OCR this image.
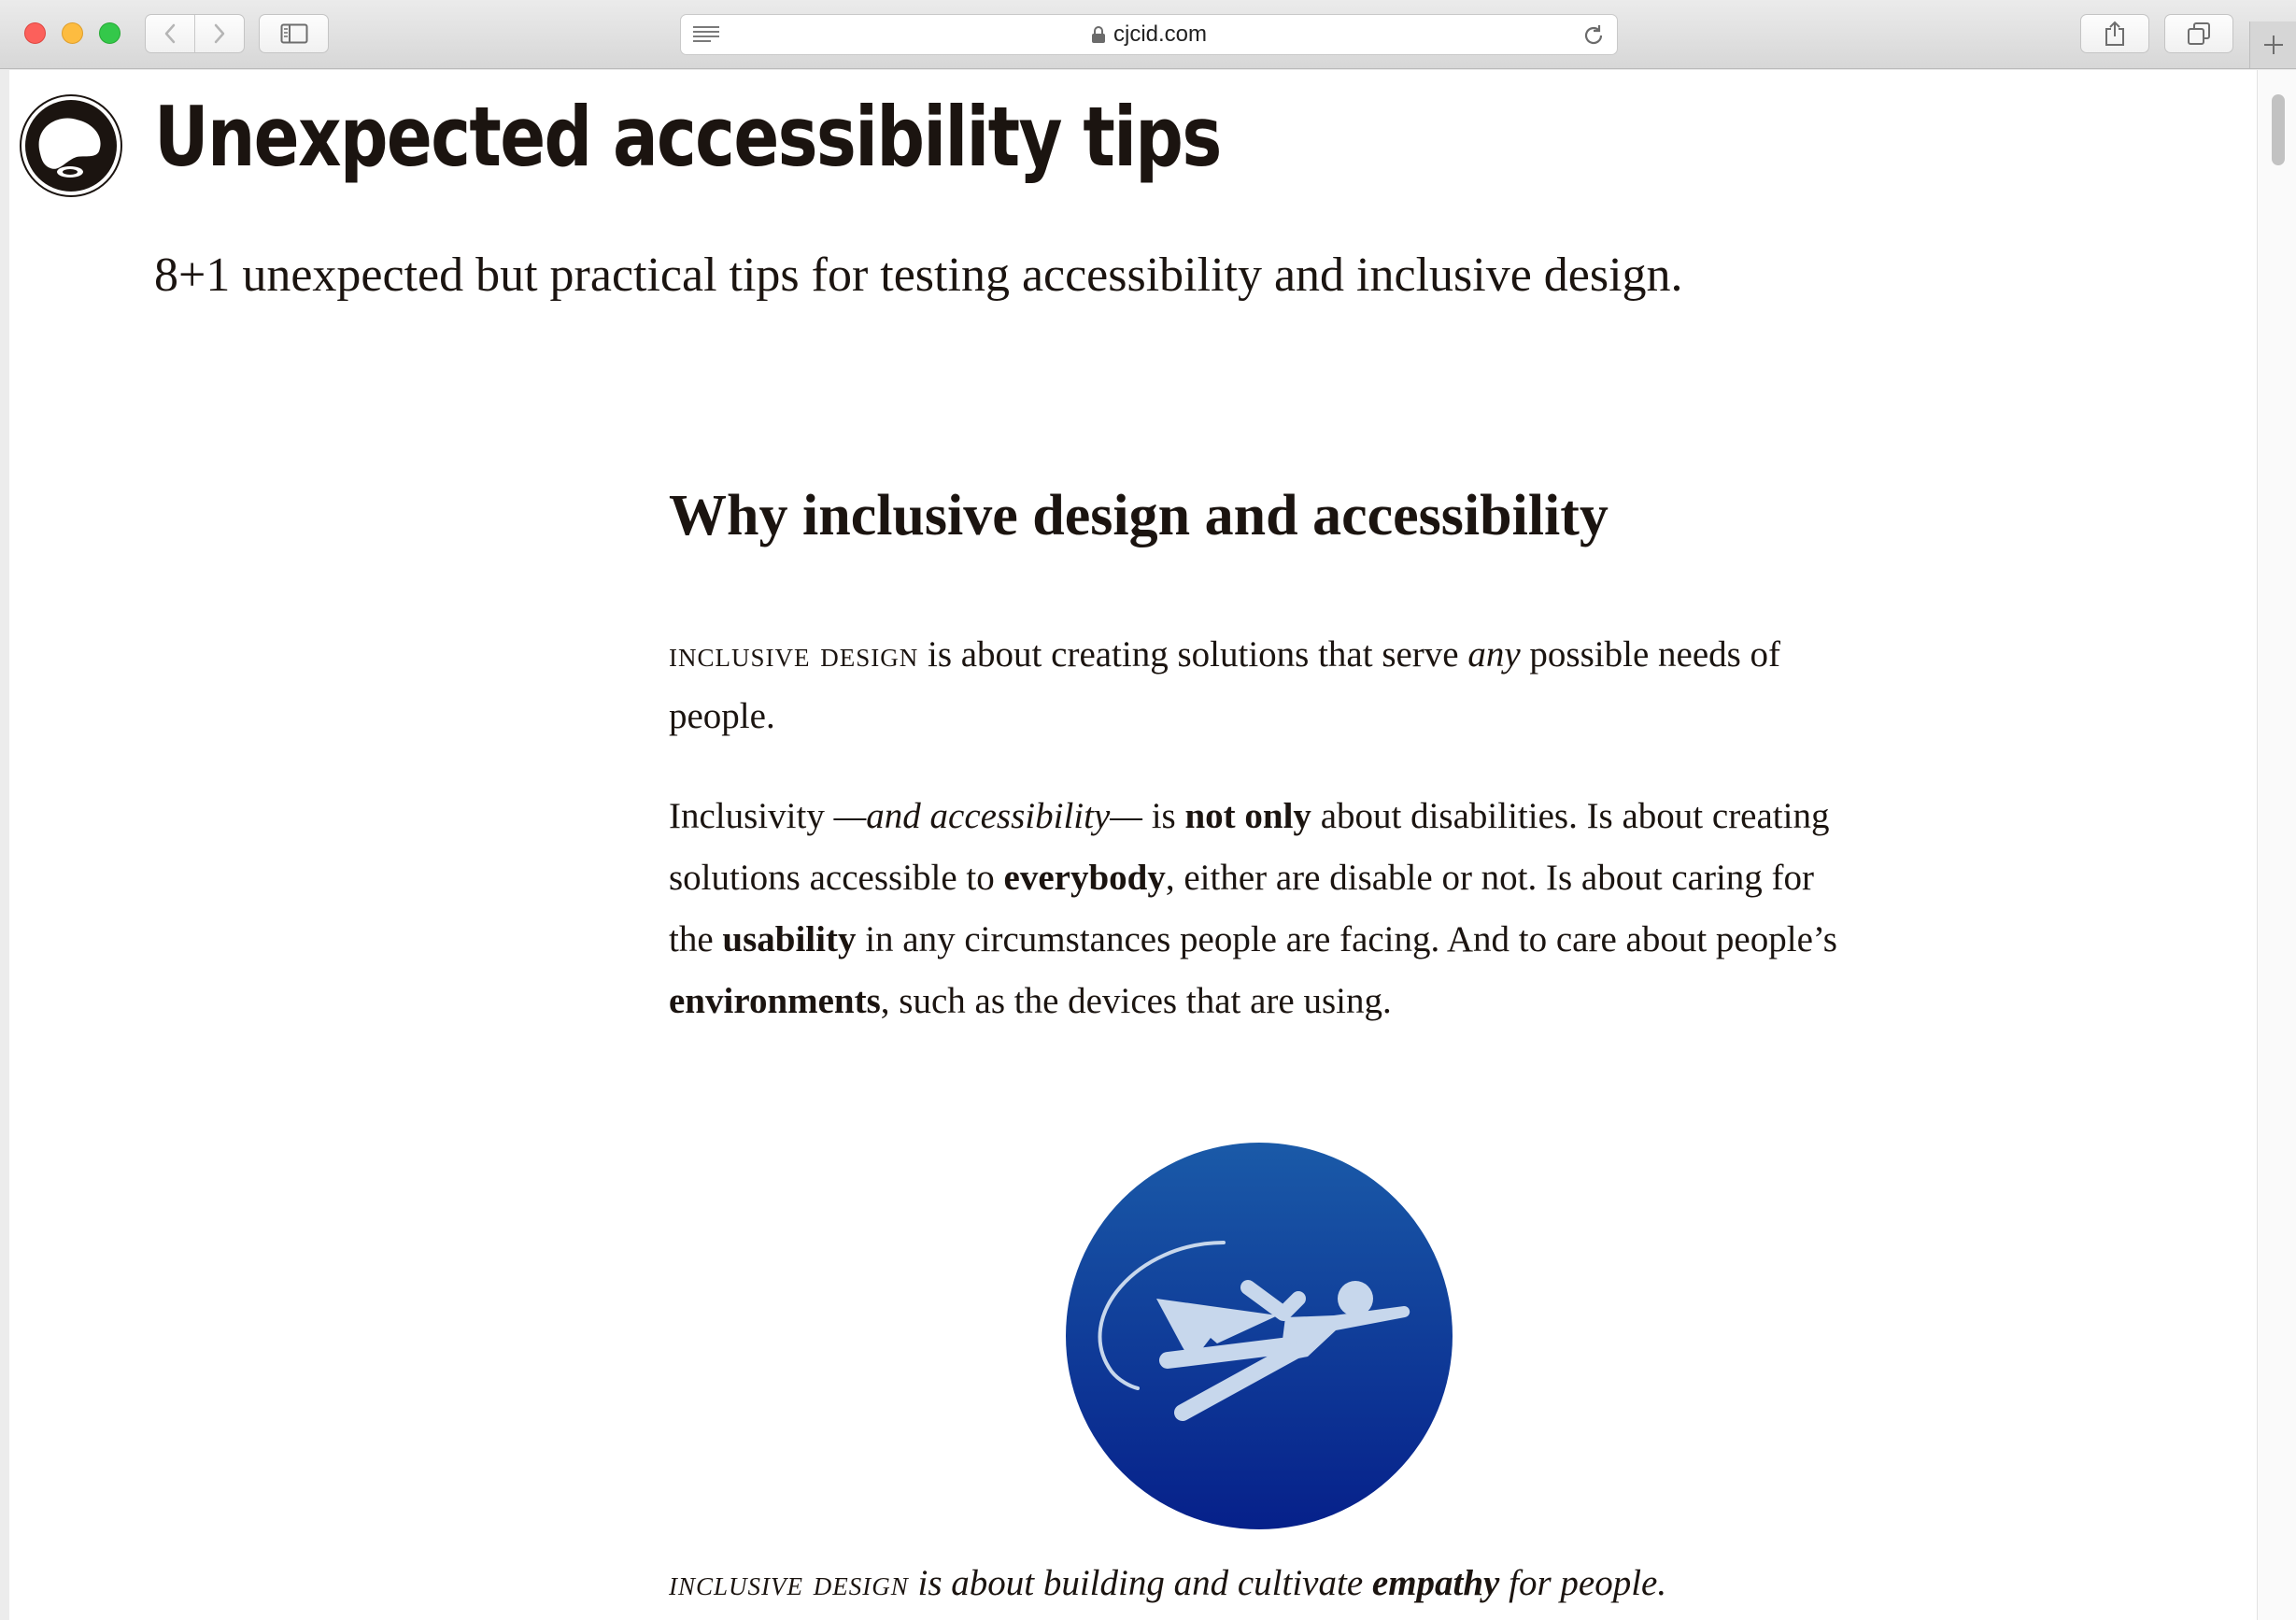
cjcid.com
Unexpected accessibility tips

8+1 unexpected but practical tips for testing accessibility and inclusive design.

Why inclusive design and accessibility

inclusive design is about creating solutions that serve any possible needs of people.

Inclusivity —and accessibility— is not only about disabilities. Is about creating solutions accessible to everybody, either are disable or not. Is about caring for the usability in any circumstances people are facing. And to care about people’s environments, such as the devices that are using.

inclusive design is about building and cultivate empathy for people.
